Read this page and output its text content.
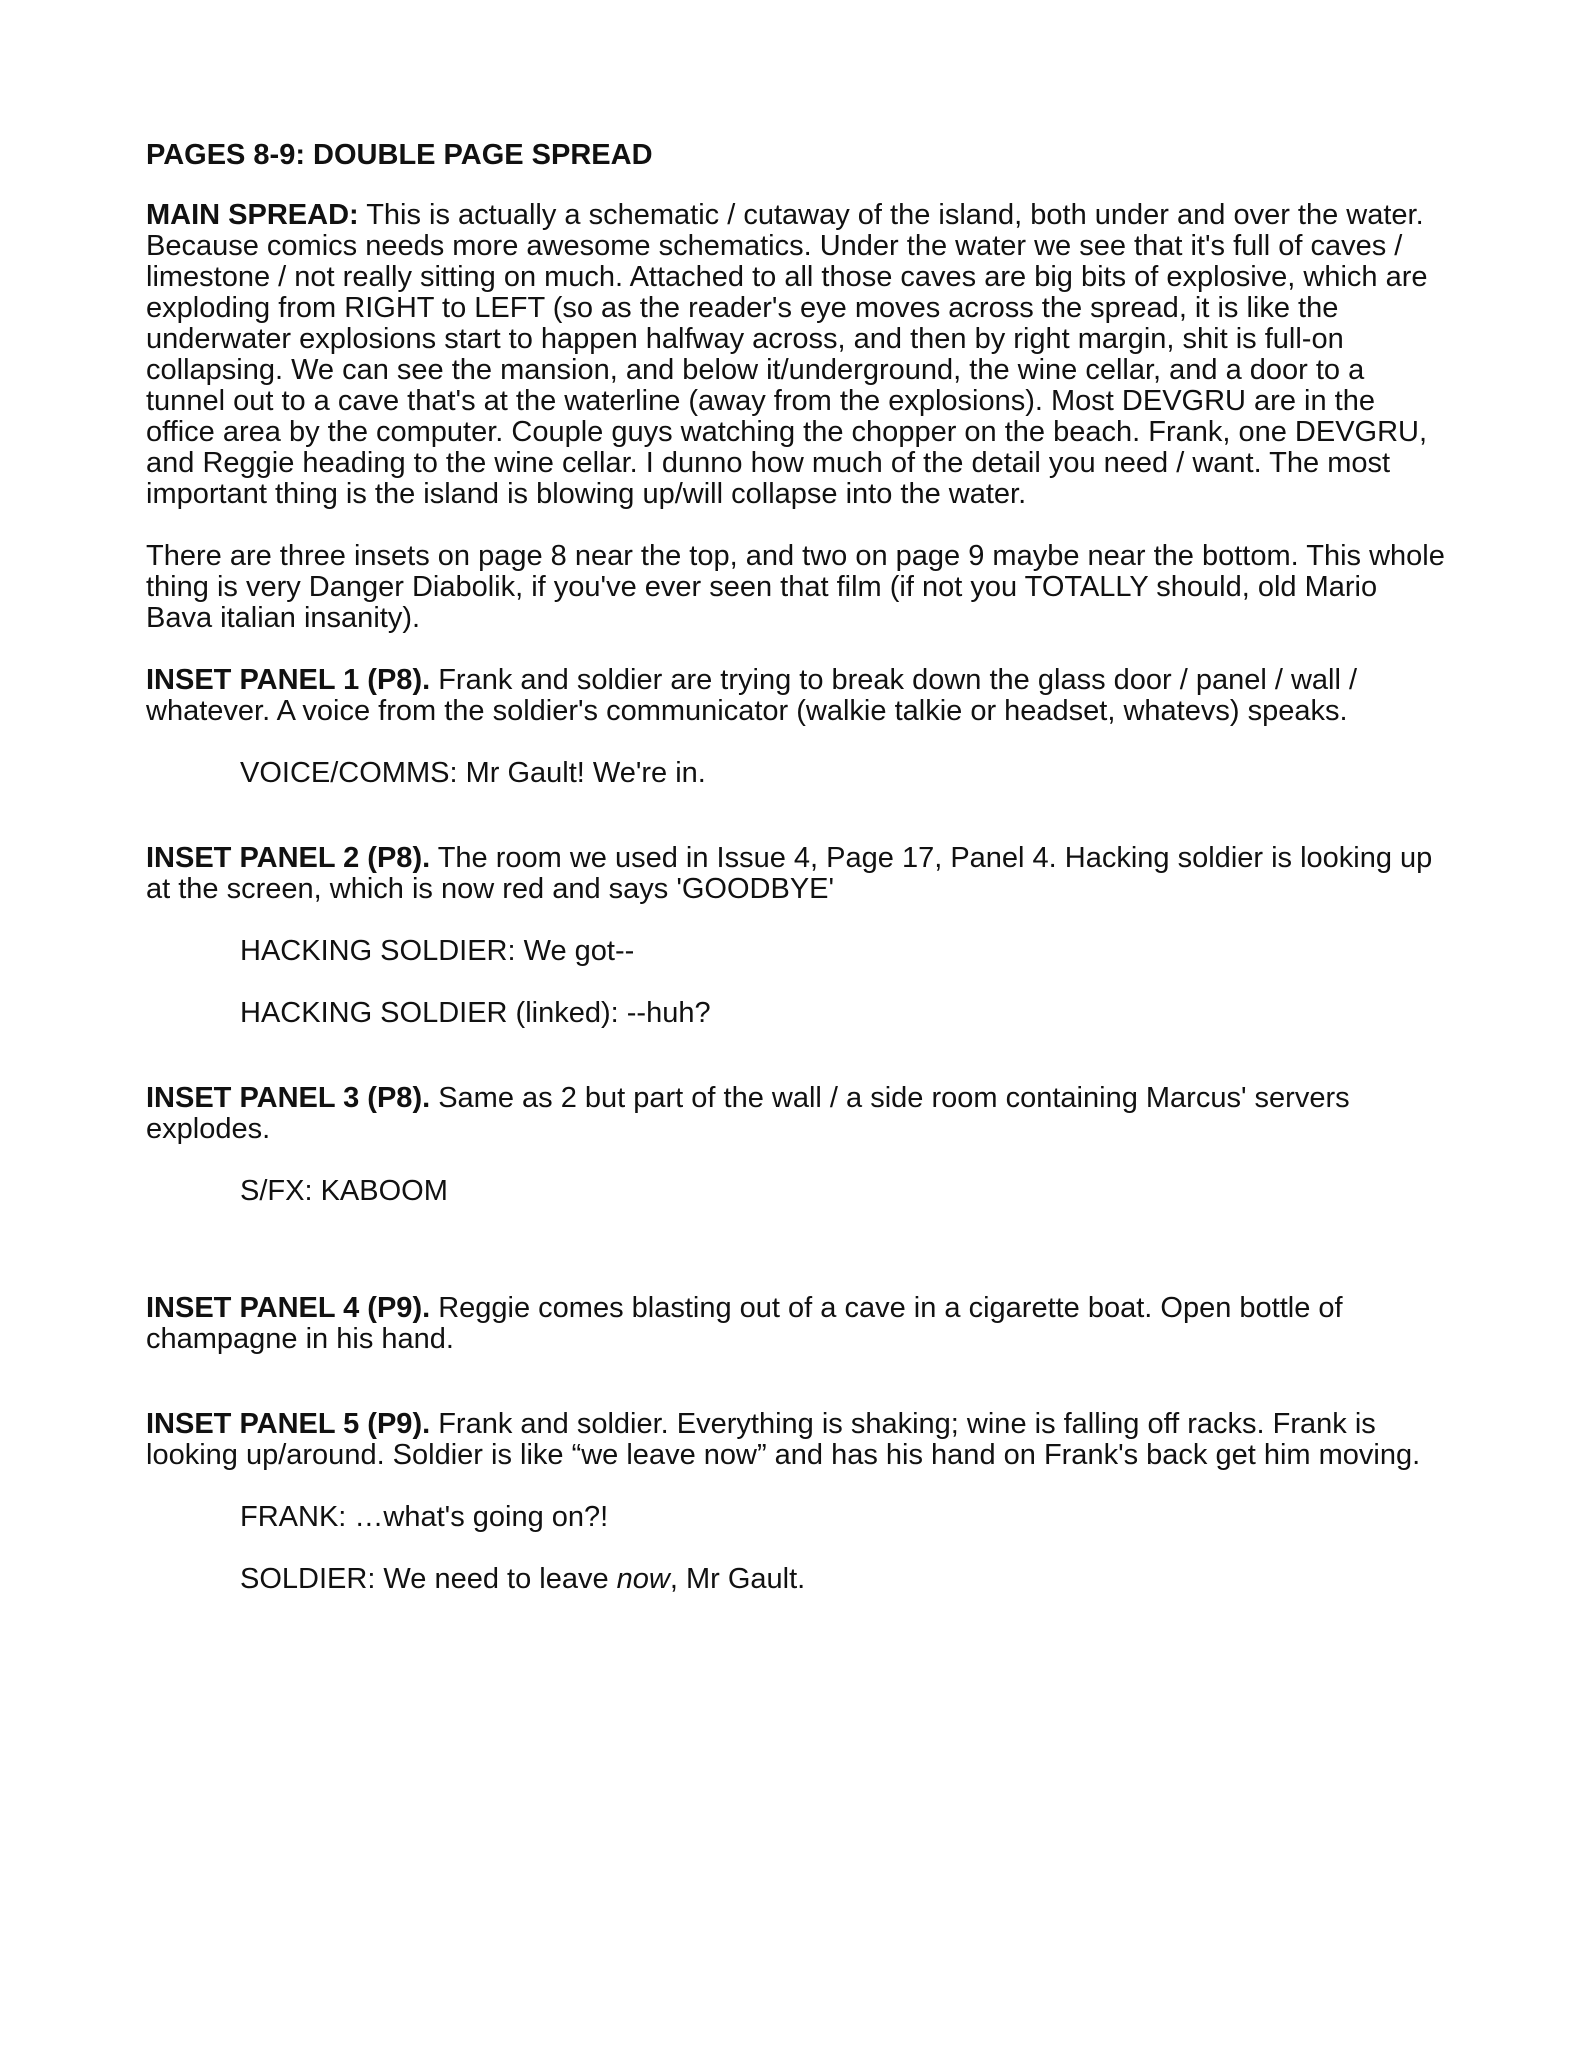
PAGES 8-9: DOUBLE PAGE SPREAD
MAIN SPREAD: This is actually a schematic / cutaway of the island, both under and over the water. Because comics needs more awesome schematics. Under the water we see that it's full of caves / limestone / not really sitting on much. Attached to all those caves are big bits of explosive, which are exploding from RIGHT to LEFT (so as the reader's eye moves across the spread, it is like the underwater explosions start to happen halfway across, and then by right margin, shit is full-on collapsing. We can see the mansion, and below it/underground, the wine cellar, and a door to a tunnel out to a cave that's at the waterline (away from the explosions). Most DEVGRU are in the office area by the computer. Couple guys watching the chopper on the beach. Frank, one DEVGRU, and Reggie heading to the wine cellar. I dunno how much of the detail you need / want. The most important thing is the island is blowing up/will collapse into the water.
There are three insets on page 8 near the top, and two on page 9 maybe near the bottom. This whole thing is very Danger Diabolik, if you've ever seen that film (if not you TOTALLY should, old Mario Bava italian insanity).
INSET PANEL 1 (P8). Frank and soldier are trying to break down the glass door / panel / wall / whatever. A voice from the soldier's communicator (walkie talkie or headset, whatevs) speaks.
VOICE/COMMS: Mr Gault! We're in.
INSET PANEL 2 (P8). The room we used in Issue 4, Page 17, Panel 4. Hacking soldier is looking up at the screen, which is now red and says 'GOODBYE'
HACKING SOLDIER: We got--
HACKING SOLDIER (linked): --huh?
INSET PANEL 3 (P8). Same as 2 but part of the wall / a side room containing Marcus' servers explodes.
S/FX: KABOOM
INSET PANEL 4 (P9). Reggie comes blasting out of a cave in a cigarette boat. Open bottle of champagne in his hand.
INSET PANEL 5 (P9). Frank and soldier. Everything is shaking; wine is falling off racks. Frank is looking up/around. Soldier is like “we leave now” and has his hand on Frank's back get him moving.
FRANK: …what's going on?!
SOLDIER: We need to leave now, Mr Gault.
